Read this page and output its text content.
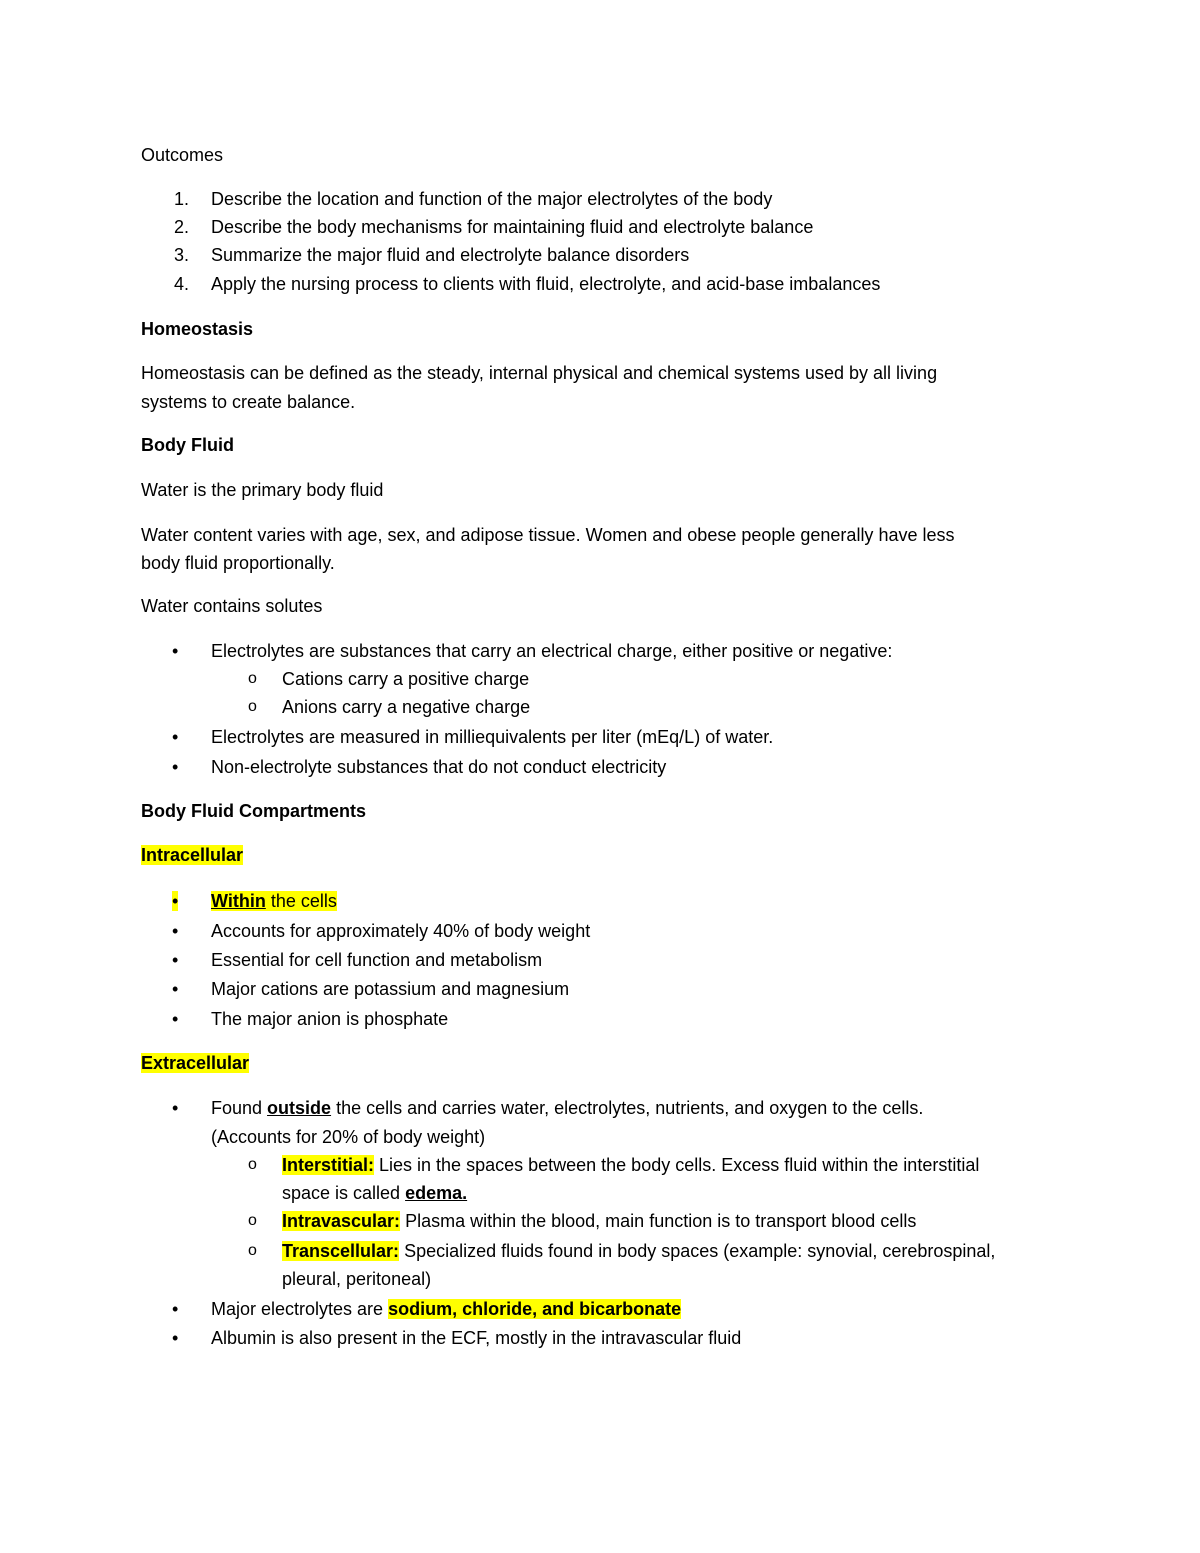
Outcomes
1. Describe the location and function of the major electrolytes of the body
2. Describe the body mechanisms for maintaining fluid and electrolyte balance
3. Summarize the major fluid and electrolyte balance disorders
4. Apply the nursing process to clients with fluid, electrolyte, and acid-base imbalances
Homeostasis
Homeostasis can be defined as the steady, internal physical and chemical systems used by all living
systems to create balance.
Body Fluid
Water is the primary body fluid
Water content varies with age, sex, and adipose tissue. Women and obese people generally have less
body fluid proportionally.
Water contains solutes
• Electrolytes are substances that carry an electrical charge, either positive or negative:
o Cations carry a positive charge
o Anions carry a negative charge
• Electrolytes are measured in milliequivalents per liter (mEq/L) of water.
• Non-electrolyte substances that do not conduct electricity
Body Fluid Compartments
Intracellular
• Within the cells
• Accounts for approximately 40% of body weight
• Essential for cell function and metabolism
• Major cations are potassium and magnesium
• The major anion is phosphate
Extracellular
• Found outside the cells and carries water, electrolytes, nutrients, and oxygen to the cells.
(Accounts for 20% of body weight)
o Interstitial: Lies in the spaces between the body cells. Excess fluid within the interstitial
space is called edema.
o Intravascular: Plasma within the blood, main function is to transport blood cells
o Transcellular: Specialized fluids found in body spaces (example: synovial, cerebrospinal,
pleural, peritoneal)
• Major electrolytes are sodium, chloride, and bicarbonate
• Albumin is also present in the ECF, mostly in the intravascular fluid
